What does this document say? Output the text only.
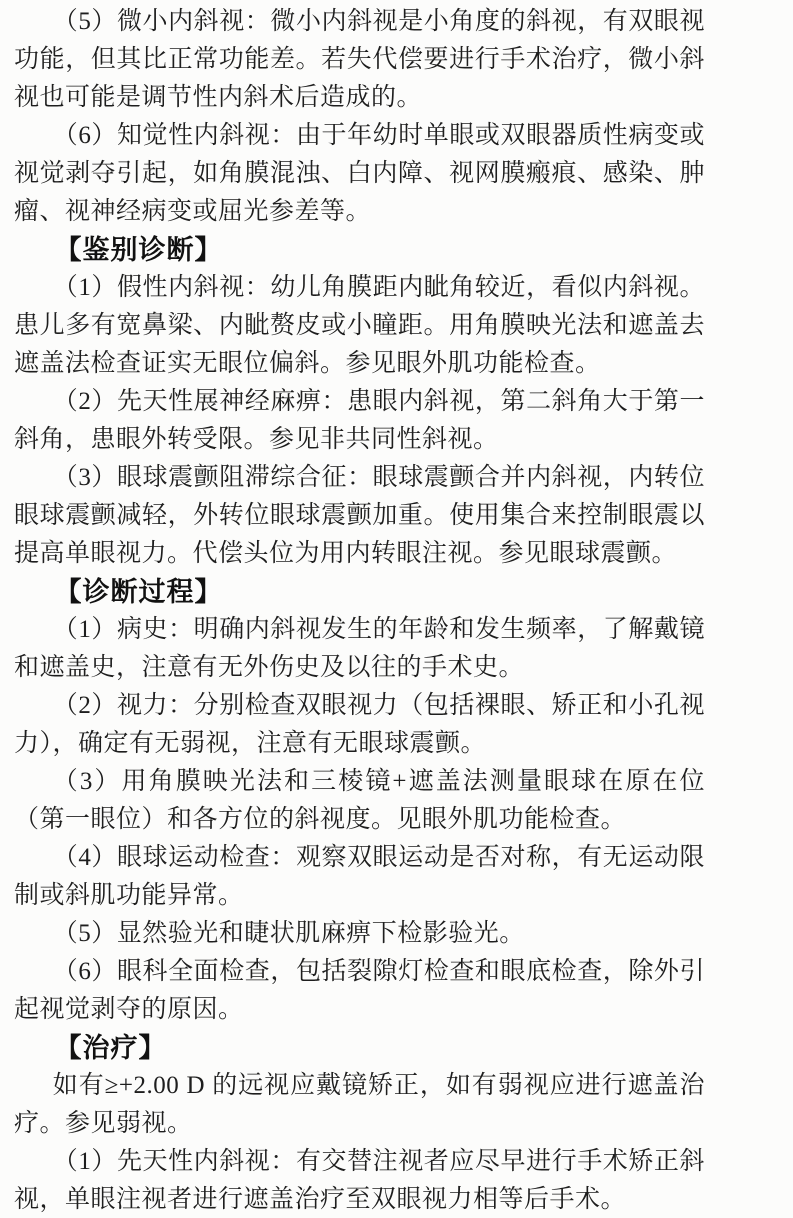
（5）微小内斜视：微小内斜视是小角度的斜视，有双眼视功能，但其比正常功能差。若失代偿要进行手术治疗，微小斜视也可能是调节性内斜术后造成的。

（6）知觉性内斜视：由于年幼时单眼或双眼器质性病变或视觉剥夺引起，如角膜混浊、白内障、视网膜瘢痕、感染、肿瘤、视神经病变或屈光参差等。

【鉴别诊断】

（1）假性内斜视：幼儿角膜距内眦角较近，看似内斜视。患儿多有宽鼻梁、内眦赘皮或小瞳距。用角膜映光法和遮盖去遮盖法检查证实无眼位偏斜。参见眼外肌功能检查。

（2）先天性展神经麻痹：患眼内斜视，第二斜角大于第一斜角，患眼外转受限。参见非共同性斜视。

（3）眼球震颤阻滞综合征：眼球震颤合并内斜视，内转位眼球震颤减轻，外转位眼球震颤加重。使用集合来控制眼震以提高单眼视力。代偿头位为用内转眼注视。参见眼球震颤。

【诊断过程】

（1）病史：明确内斜视发生的年龄和发生频率，了解戴镜和遮盖史，注意有无外伤史及以往的手术史。

（2）视力：分别检查双眼视力（包括裸眼、矫正和小孔视力），确定有无弱视，注意有无眼球震颤。

（3）用角膜映光法和三棱镜+遮盖法测量眼球在原在位（第一眼位）和各方位的斜视度。见眼外肌功能检查。

（4）眼球运动检查：观察双眼运动是否对称，有无运动限制或斜肌功能异常。

（5）显然验光和睫状肌麻痹下检影验光。

（6）眼科全面检查，包括裂隙灯检查和眼底检查，除外引起视觉剥夺的原因。

【治疗】

如有≥+2.00 D 的远视应戴镜矫正，如有弱视应进行遮盖治疗。参见弱视。

（1）先天性内斜视：有交替注视者应尽早进行手术矫正斜视，单眼注视者进行遮盖治疗至双眼视力相等后手术。
